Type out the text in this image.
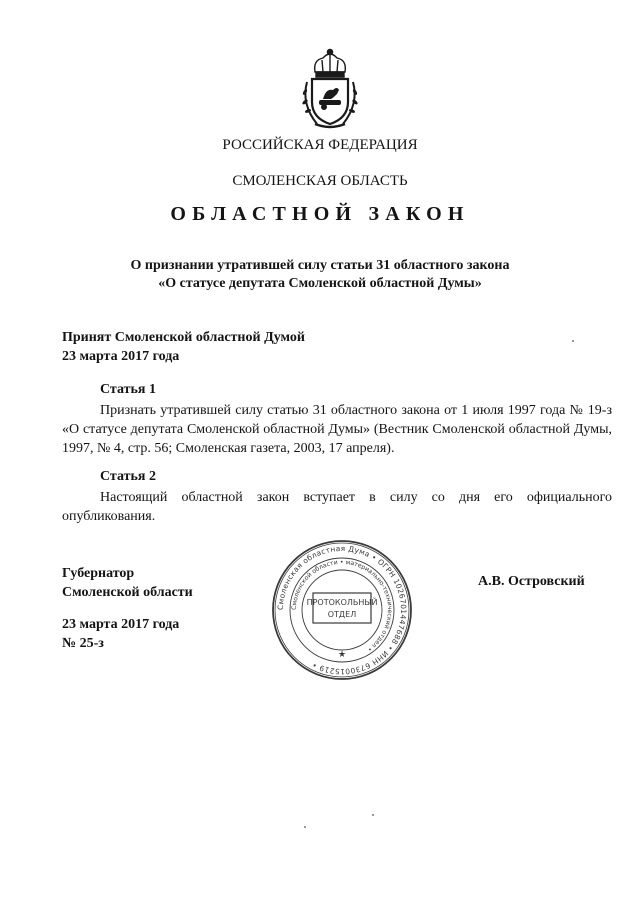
РОССИЙСКАЯ ФЕДЕРАЦИЯ
СМОЛЕНСКАЯ ОБЛАСТЬ
ОБЛАСТНОЙ ЗАКОН
О признании утратившей силу статьи 31 областного закона
«О статусе депутата Смоленской областной Думы»
Принят Смоленской областной Думой
23 марта 2017 года
Статья 1

Признать утратившей силу статью 31 областного закона от 1 июля 1997 года № 19-з «О статусе депутата Смоленской областной Думы» (Вестник Смоленской областной Думы, 1997, № 4, стр. 56; Смоленская газета, 2003, 17 апреля).

Статья 2

Настоящий областной закон вступает в силу со дня его официального опубликования.

Губернатор
Смоленской области
А.В. Островский
23 марта 2017 года
№ 25-з
Смоленская областная Дума • ОГРН 1026701447688 • ИНН 6730015219 •
Смоленской области • материально-технический отдел •
ПРОТОКОЛЬНЫЙ
ОТДЕЛ
★
